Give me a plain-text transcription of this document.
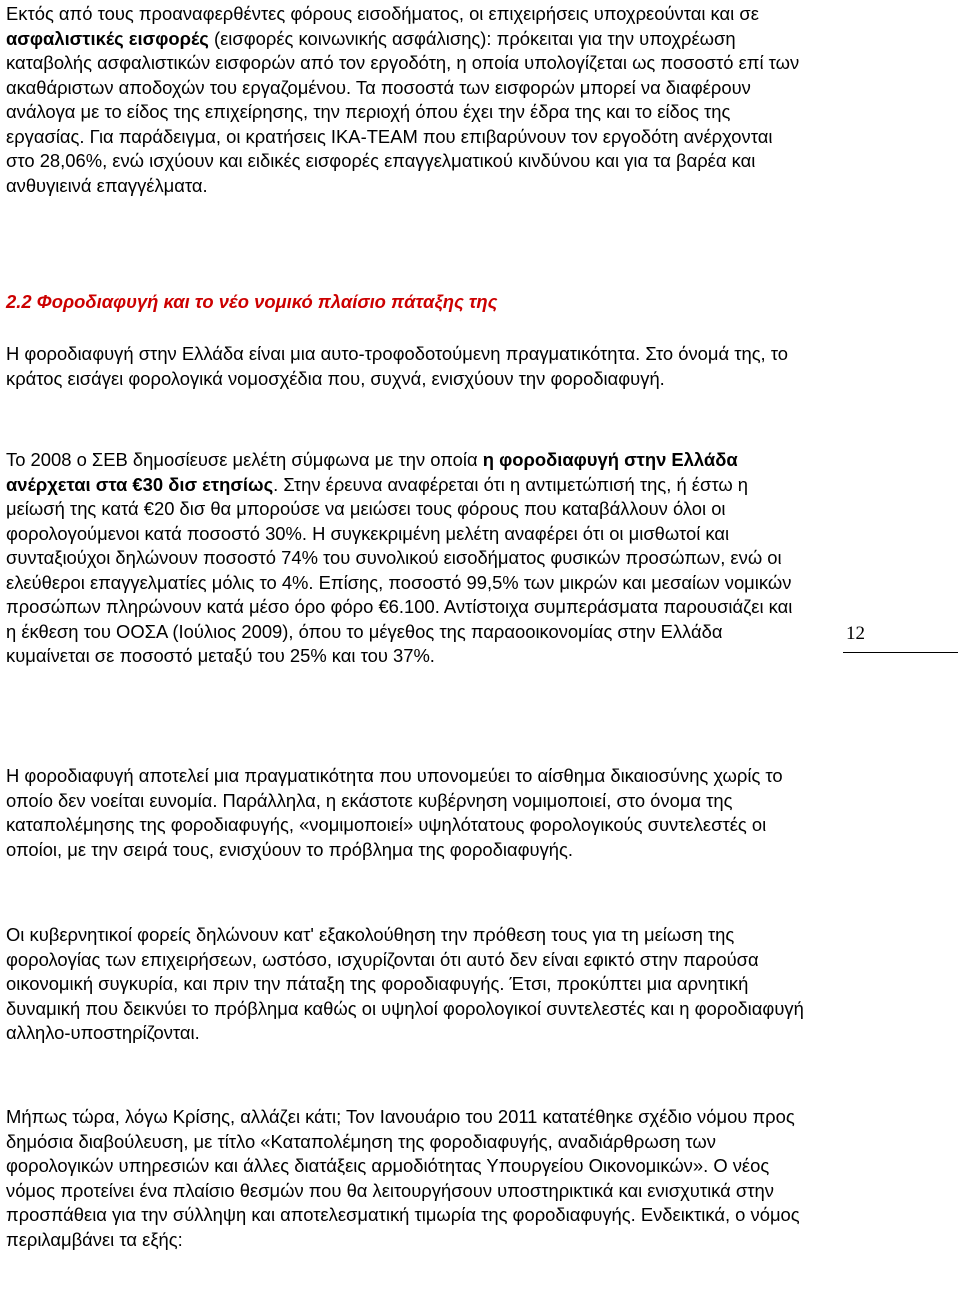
Εκτός από τους προαναφερθέντες φόρους εισοδήματος, οι επιχειρήσεις υποχρεούνται και σε ασφαλιστικές εισφορές (εισφορές κοινωνικής ασφάλισης): πρόκειται για την υποχρέωση καταβολής ασφαλιστικών εισφορών από τον εργοδότη, η οποία υπολογίζεται ως ποσοστό επί των ακαθάριστων αποδοχών του εργαζομένου. Τα ποσοστά των εισφορών μπορεί να διαφέρουν ανάλογα με το είδος της επιχείρησης, την περιοχή όπου έχει την έδρα της και το είδος της εργασίας. Για παράδειγμα, οι κρατήσεις ΙΚΑ-ΤΕΑΜ που επιβαρύνουν τον εργοδότη ανέρχονται στο 28,06%, ενώ ισχύουν και ειδικές εισφορές επαγγελματικού κινδύνου και για τα βαρέα και ανθυγιεινά επαγγέλματα.

2.2 Φοροδιαφυγή και το νέο νομικό πλαίσιο πάταξης της

Η φοροδιαφυγή στην Ελλάδα είναι μια αυτο-τροφοδοτούμενη πραγματικότητα. Στο όνομά της, το κράτος εισάγει φορολογικά νομοσχέδια που, συχνά, ενισχύουν την φοροδιαφυγή.

Το 2008 ο ΣΕΒ δημοσίευσε μελέτη σύμφωνα με την οποία η φοροδιαφυγή στην Ελλάδα ανέρχεται στα €30 δισ ετησίως. Στην έρευνα αναφέρεται ότι η αντιμετώπισή της, ή έστω η μείωσή της κατά €20 δισ θα μπορούσε να μειώσει τους φόρους που καταβάλλουν όλοι οι φορολογούμενοι κατά ποσοστό 30%. Η συγκεκριμένη μελέτη αναφέρει ότι οι μισθωτοί και συνταξιούχοι δηλώνουν ποσοστό 74% του συνολικού εισοδήματος φυσικών προσώπων, ενώ οι ελεύθεροι επαγγελματίες μόλις το 4%. Επίσης, ποσοστό 99,5% των μικρών και μεσαίων νομικών προσώπων πληρώνουν κατά μέσο όρο φόρο €6.100. Αντίστοιχα συμπεράσματα παρουσιάζει και η έκθεση του ΟΟΣΑ (Ιούλιος 2009), όπου το μέγεθος της παραοοικονομίας στην Ελλάδα κυμαίνεται σε ποσοστό μεταξύ του 25% και του 37%.

Η φοροδιαφυγή αποτελεί μια πραγματικότητα που υπονομεύει το αίσθημα δικαιοσύνης χωρίς το οποίο δεν νοείται ευνομία. Παράλληλα, η εκάστοτε κυβέρνηση νομιμοποιεί, στο όνομα της καταπολέμησης της φοροδιαφυγής, «νομιμοποιεί» υψηλότατους φορολογικούς συντελεστές οι οποίοι, με την σειρά τους, ενισχύουν το πρόβλημα της φοροδιαφυγής.

Οι κυβερνητικοί φορείς δηλώνουν κατ' εξακολούθηση την πρόθεση τους για τη μείωση της φορολογίας των επιχειρήσεων, ωστόσο, ισχυρίζονται ότι αυτό δεν είναι εφικτό στην παρούσα οικονομική συγκυρία, και πριν την πάταξη της φοροδιαφυγής. Έτσι, προκύπτει μια αρνητική δυναμική που δεικνύει το πρόβλημα καθώς οι υψηλοί φορολογικοί συντελεστές και η φοροδιαφυγή αλληλο-υποστηρίζονται.

Μήπως τώρα, λόγω Κρίσης, αλλάζει κάτι; Τον Ιανουάριο του 2011 κατατέθηκε σχέδιο νόμου προς δημόσια διαβούλευση, με τίτλο «Καταπολέμηση της φοροδιαφυγής, αναδιάρθρωση των φορολογικών υπηρεσιών και άλλες διατάξεις αρμοδιότητας Υπουργείου Οικονομικών». Ο νέος νόμος προτείνει ένα πλαίσιο θεσμών που θα λειτουργήσουν υποστηρικτικά και ενισχυτικά στην προσπάθεια για την σύλληψη και αποτελεσματική τιμωρία της φοροδιαφυγής. Ενδεικτικά, ο νόμος περιλαμβάνει τα εξής:

12
